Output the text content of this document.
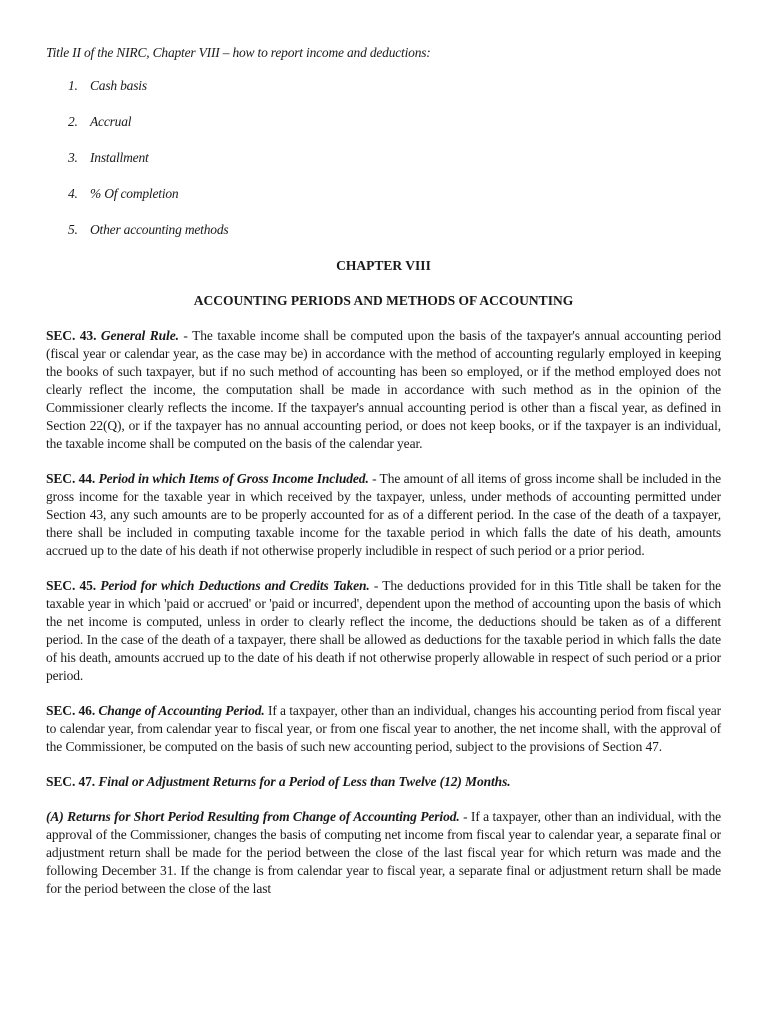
Title II of the NIRC, Chapter VIII – how to report income and deductions:

1. Cash basis
2. Accrual
3. Installment
4. % Of completion
5. Other accounting methods
CHAPTER VIII
ACCOUNTING PERIODS AND METHODS OF ACCOUNTING

SEC. 43. General Rule. - The taxable income shall be computed upon the basis of the taxpayer's annual accounting period (fiscal year or calendar year, as the case may be) in accordance with the method of accounting regularly employed in keeping the books of such taxpayer, but if no such method of accounting has been so employed, or if the method employed does not clearly reflect the income, the computation shall be made in accordance with such method as in the opinion of the Commissioner clearly reflects the income. If the taxpayer's annual accounting period is other than a fiscal year, as defined in Section 22(Q), or if the taxpayer has no annual accounting period, or does not keep books, or if the taxpayer is an individual, the taxable income shall be computed on the basis of the calendar year.

SEC. 44. Period in which Items of Gross Income Included. - The amount of all items of gross income shall be included in the gross income for the taxable year in which received by the taxpayer, unless, under methods of accounting permitted under Section 43, any such amounts are to be properly accounted for as of a different period. In the case of the death of a taxpayer, there shall be included in computing taxable income for the taxable period in which falls the date of his death, amounts accrued up to the date of his death if not otherwise properly includible in respect of such period or a prior period.

SEC. 45. Period for which Deductions and Credits Taken. - The deductions provided for in this Title shall be taken for the taxable year in which 'paid or accrued' or 'paid or incurred', dependent upon the method of accounting upon the basis of which the net income is computed, unless in order to clearly reflect the income, the deductions should be taken as of a different period. In the case of the death of a taxpayer, there shall be allowed as deductions for the taxable period in which falls the date of his death, amounts accrued up to the date of his death if not otherwise properly allowable in respect of such period or a prior period.

SEC. 46. Change of Accounting Period. If a taxpayer, other than an individual, changes his accounting period from fiscal year to calendar year, from calendar year to fiscal year, or from one fiscal year to another, the net income shall, with the approval of the Commissioner, be computed on the basis of such new accounting period, subject to the provisions of Section 47.

SEC. 47. Final or Adjustment Returns for a Period of Less than Twelve (12) Months.

(A) Returns for Short Period Resulting from Change of Accounting Period. - If a taxpayer, other than an individual, with the approval of the Commissioner, changes the basis of computing net income from fiscal year to calendar year, a separate final or adjustment return shall be made for the period between the close of the last fiscal year for which return was made and the following December 31. If the change is from calendar year to fiscal year, a separate final or adjustment return shall be made for the period between the close of the last
